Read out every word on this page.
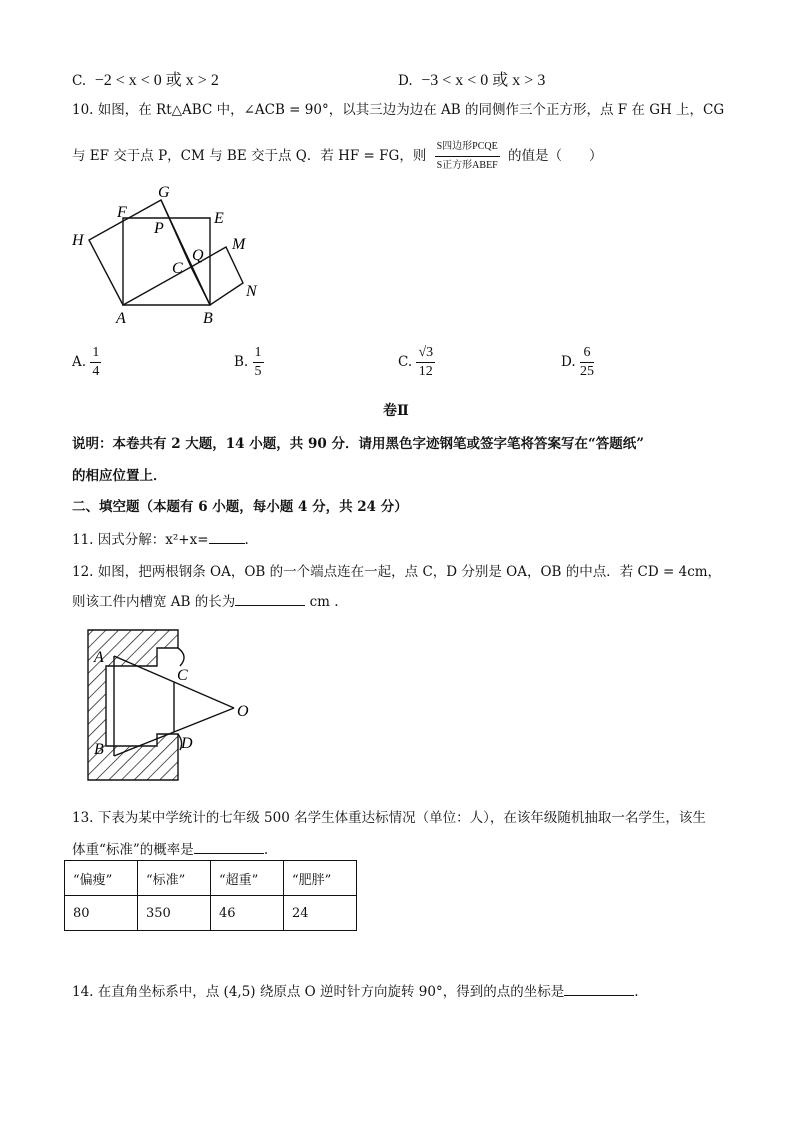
C. −2 < x < 0 或 x > 2	D. −3 < x < 0 或 x > 3
10. 如图，在 Rt△ABC 中，∠ACB = 90°，以其三边为边在 AB 的同侧作三个正方形，点 F 在 GH 上，CG
与 EF 交于点 P，CM 与 BE 交于点 Q．若 HF = FG，则 $\frac{\text{S四边形PCQE}}{\text{S正方形ABEF}}$ 的值是（　　）
G
F	E
P
M
H
Q
C
N
A	B
A. $\frac{1}{4}$	B. $\frac{1}{5}$	C. $\frac{√3}{12}$	D. $\frac{6}{25}$
卷Ⅱ
说明：本卷共有 2 大题，14 小题，共 90 分．请用黑色字迹钢笔或签字笔将答案写在“答题纸”
的相应位置上．
二、填空题（本题有 6 小题，每小题 4 分，共 24 分）
11. 因式分解：x²+x=	.
12. 如图，把两根钢条 OA，OB 的一个端点连在一起，点 C，D 分别是 OA，OB 的中点．若 CD = 4cm，
则该工件内槽宽 AB 的长为	cm .
A
C
O
B	D
13. 下表为某中学统计的七年级 500 名学生体重达标情况（单位：人），在该年级随机抽取一名学生，该生
体重“标准”的概率是	.
“偏瘦”	“标准”	“超重”	“肥胖”
80	350	46	24
14. 在直角坐标系中，点 (4,5) 绕原点 O 逆时针方向旋转 90°，得到的点的坐标是	.
